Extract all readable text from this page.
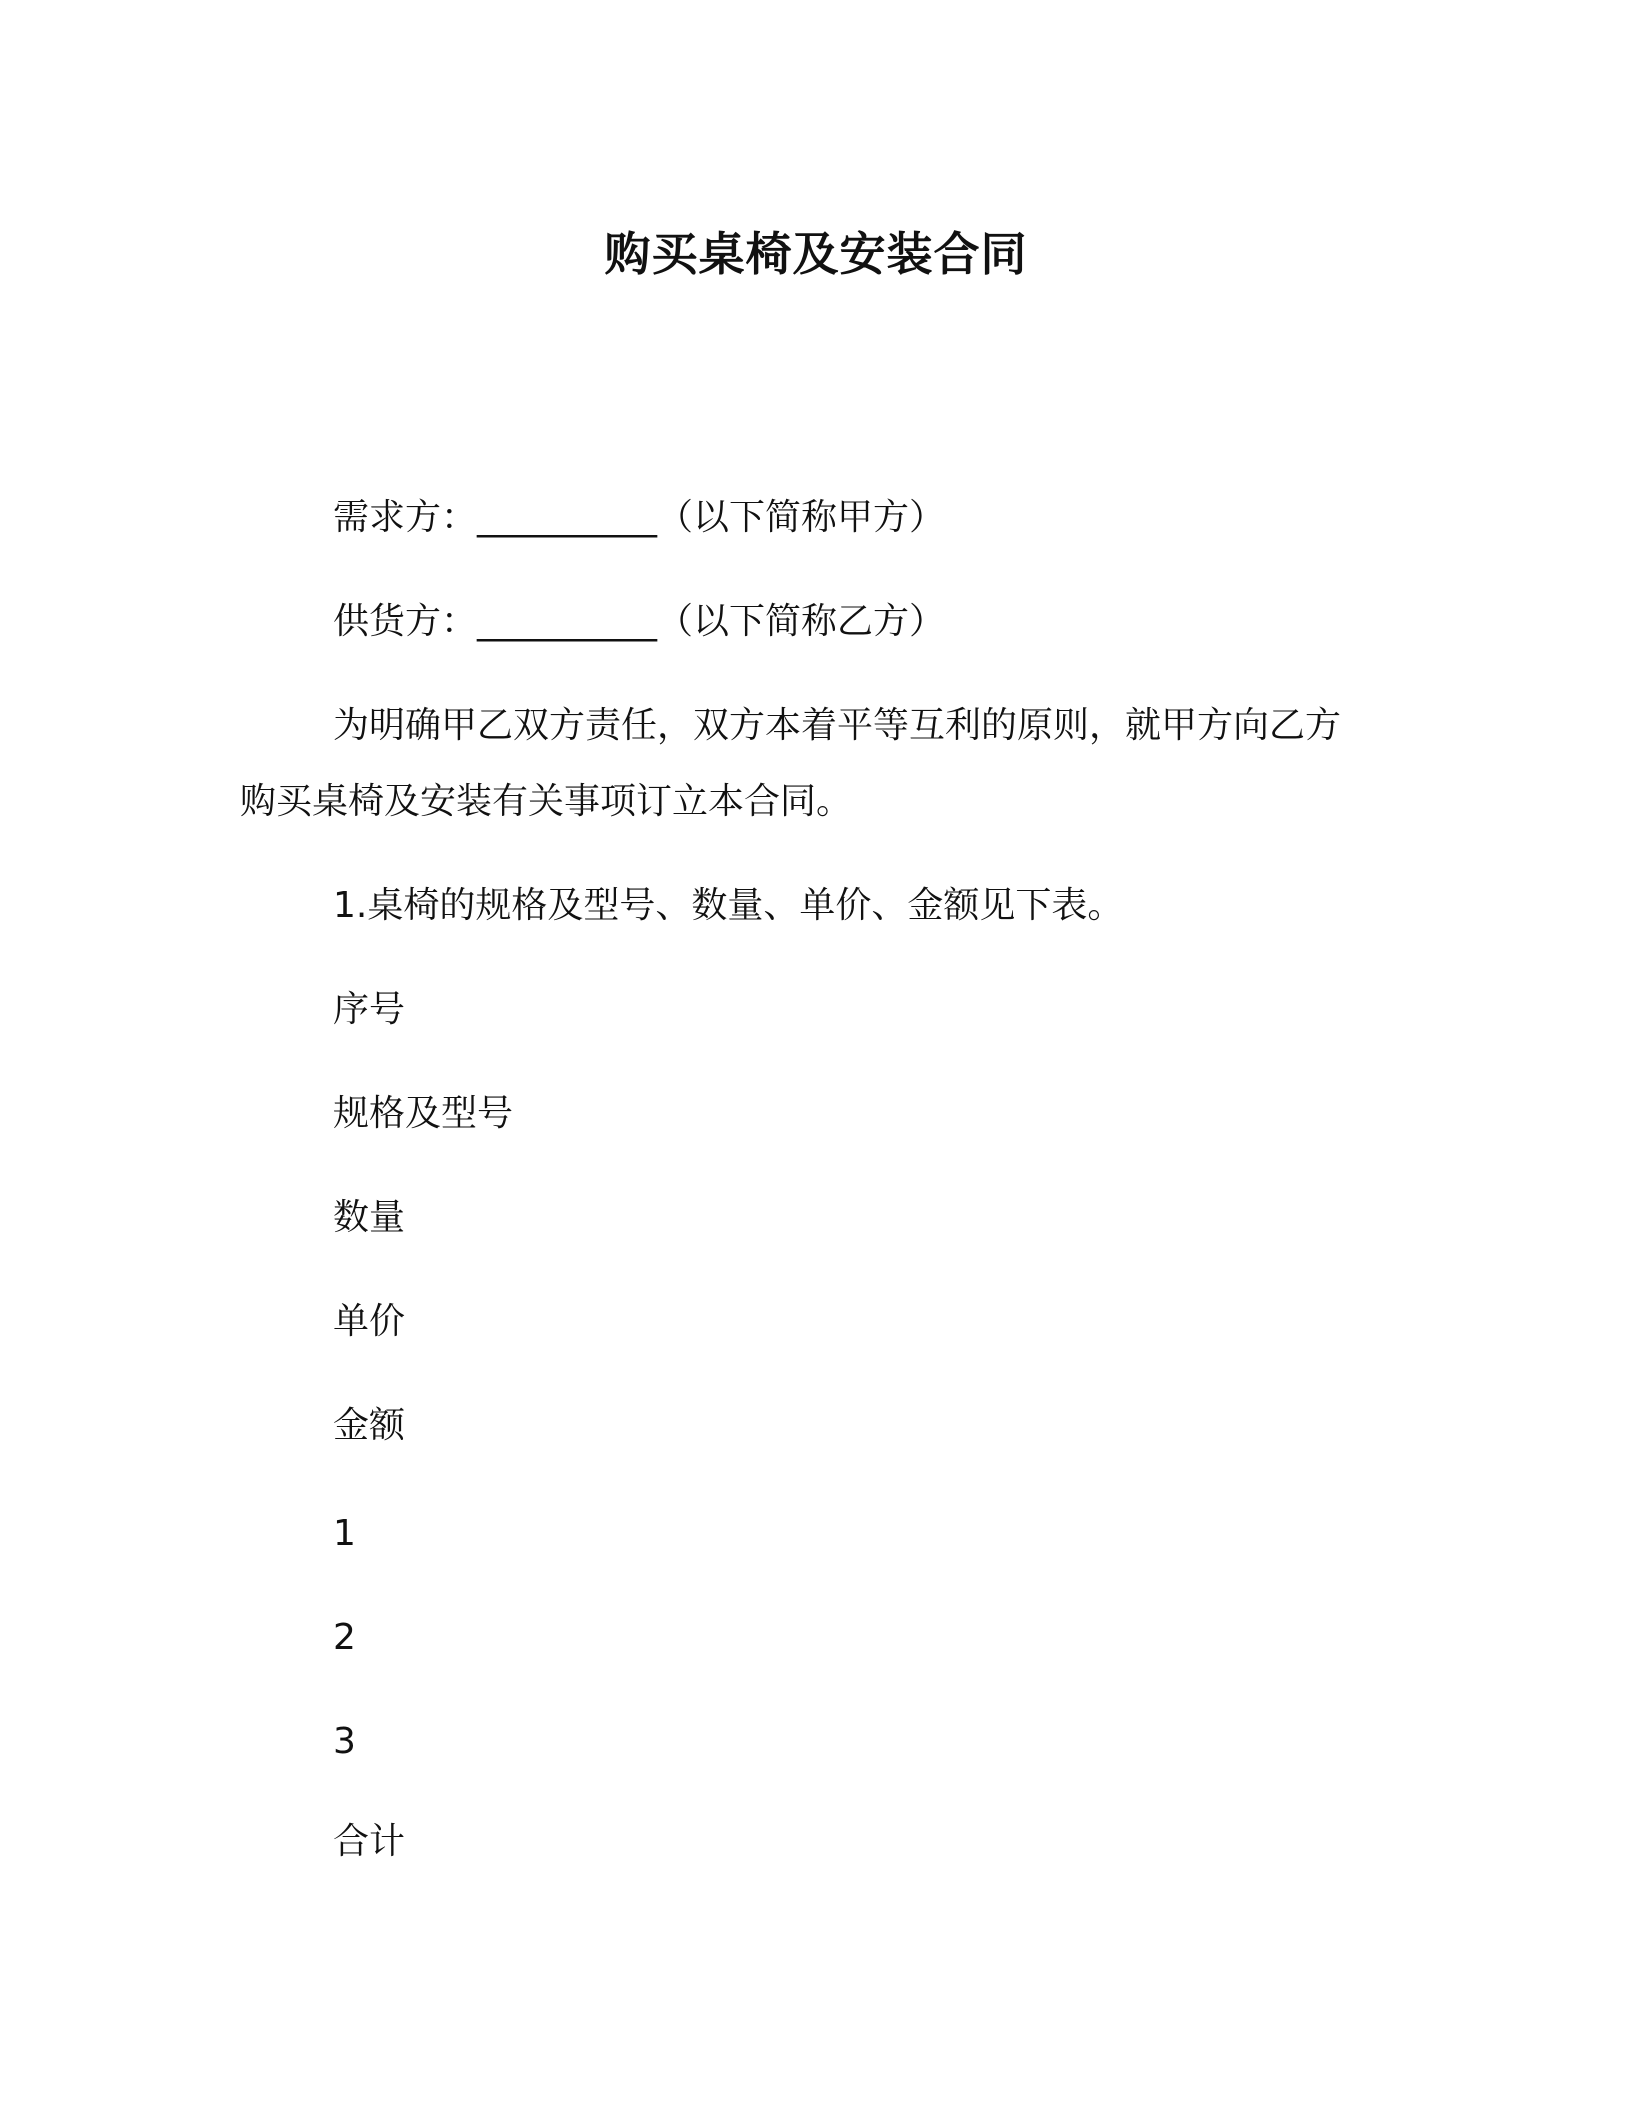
购买桌椅及安装合同
需求方：__________（以下简称甲方）
供货方：__________（以下简称乙方）
为明确甲乙双方责任，双方本着平等互利的原则，就甲方向乙方
购买桌椅及安装有关事项订立本合同。
1.桌椅的规格及型号、数量、单价、金额见下表。
序号
规格及型号
数量
单价
金额
1
2
3
合计
